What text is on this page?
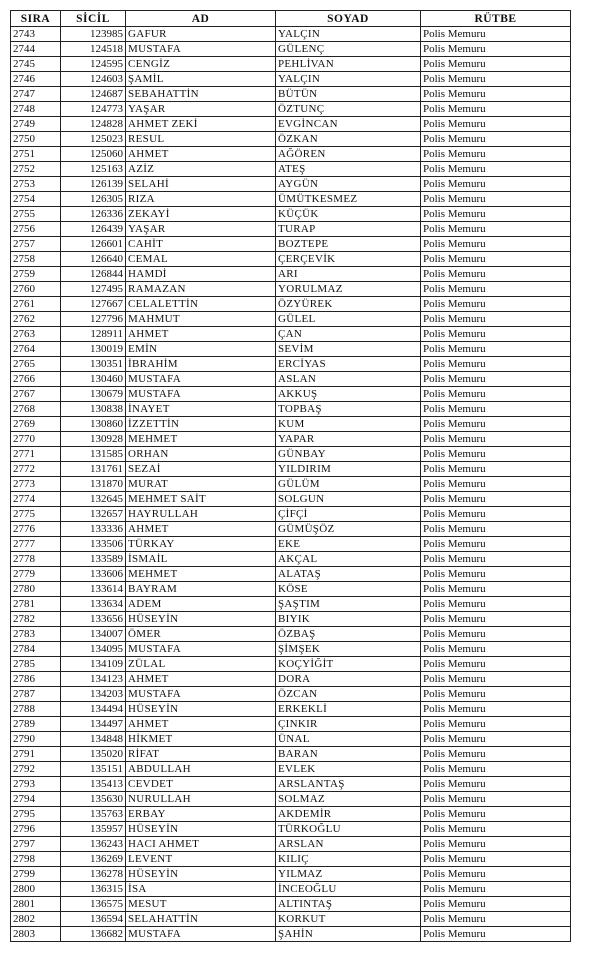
SIRA	SİCİL	AD	SOYAD	RÜTBE
2743	123985	GAFUR	YALÇIN	Polis Memuru
2744	124518	MUSTAFA	GÜLENÇ	Polis Memuru
2745	124595	CENGİZ	PEHLİVAN	Polis Memuru
2746	124603	ŞAMİL	YALÇIN	Polis Memuru
2747	124687	SEBAHATTİN	BÜTÜN	Polis Memuru
2748	124773	YAŞAR	ÖZTUNÇ	Polis Memuru
2749	124828	AHMET ZEKİ	EVGİNCAN	Polis Memuru
2750	125023	RESUL	ÖZKAN	Polis Memuru
2751	125060	AHMET	AĞÖREN	Polis Memuru
2752	125163	AZİZ	ATEŞ	Polis Memuru
2753	126139	SELAHİ	AYGÜN	Polis Memuru
2754	126305	RIZA	ÜMÜTKESMEZ	Polis Memuru
2755	126336	ZEKAYİ	KÜÇÜK	Polis Memuru
2756	126439	YAŞAR	TURAP	Polis Memuru
2757	126601	CAHİT	BOZTEPE	Polis Memuru
2758	126640	CEMAL	ÇERÇEVİK	Polis Memuru
2759	126844	HAMDİ	ARI	Polis Memuru
2760	127495	RAMAZAN	YORULMAZ	Polis Memuru
2761	127667	CELALETTİN	ÖZYÜREK	Polis Memuru
2762	127796	MAHMUT	GÜLEL	Polis Memuru
2763	128911	AHMET	ÇAN	Polis Memuru
2764	130019	EMİN	SEVİM	Polis Memuru
2765	130351	İBRAHİM	ERCİYAS	Polis Memuru
2766	130460	MUSTAFA	ASLAN	Polis Memuru
2767	130679	MUSTAFA	AKKUŞ	Polis Memuru
2768	130838	İNAYET	TOPBAŞ	Polis Memuru
2769	130860	İZZETTİN	KUM	Polis Memuru
2770	130928	MEHMET	YAPAR	Polis Memuru
2771	131585	ORHAN	GÜNBAY	Polis Memuru
2772	131761	SEZAİ	YILDIRIM	Polis Memuru
2773	131870	MURAT	GÜLÜM	Polis Memuru
2774	132645	MEHMET SAİT	SOLGUN	Polis Memuru
2775	132657	HAYRULLAH	ÇİFÇİ	Polis Memuru
2776	133336	AHMET	GÜMÜŞÖZ	Polis Memuru
2777	133506	TÜRKAY	EKE	Polis Memuru
2778	133589	İSMAİL	AKÇAL	Polis Memuru
2779	133606	MEHMET	ALATAŞ	Polis Memuru
2780	133614	BAYRAM	KÖSE	Polis Memuru
2781	133634	ADEM	ŞAŞTIM	Polis Memuru
2782	133656	HÜSEYİN	BIYIK	Polis Memuru
2783	134007	ÖMER	ÖZBAŞ	Polis Memuru
2784	134095	MUSTAFA	ŞİMŞEK	Polis Memuru
2785	134109	ZÜLAL	KOÇYİĞİT	Polis Memuru
2786	134123	AHMET	DORA	Polis Memuru
2787	134203	MUSTAFA	ÖZCAN	Polis Memuru
2788	134494	HÜSEYİN	ERKEKLİ	Polis Memuru
2789	134497	AHMET	ÇINKIR	Polis Memuru
2790	134848	HİKMET	ÜNAL	Polis Memuru
2791	135020	RİFAT	BARAN	Polis Memuru
2792	135151	ABDULLAH	EVLEK	Polis Memuru
2793	135413	CEVDET	ARSLANTAŞ	Polis Memuru
2794	135630	NURULLAH	SOLMAZ	Polis Memuru
2795	135763	ERBAY	AKDEMİR	Polis Memuru
2796	135957	HÜSEYİN	TÜRKOĞLU	Polis Memuru
2797	136243	HACI AHMET	ARSLAN	Polis Memuru
2798	136269	LEVENT	KILIÇ	Polis Memuru
2799	136278	HÜSEYİN	YILMAZ	Polis Memuru
2800	136315	İSA	İNCEOĞLU	Polis Memuru
2801	136575	MESUT	ALTINTAŞ	Polis Memuru
2802	136594	SELAHATTİN	KORKUT	Polis Memuru
2803	136682	MUSTAFA	ŞAHİN	Polis Memuru
